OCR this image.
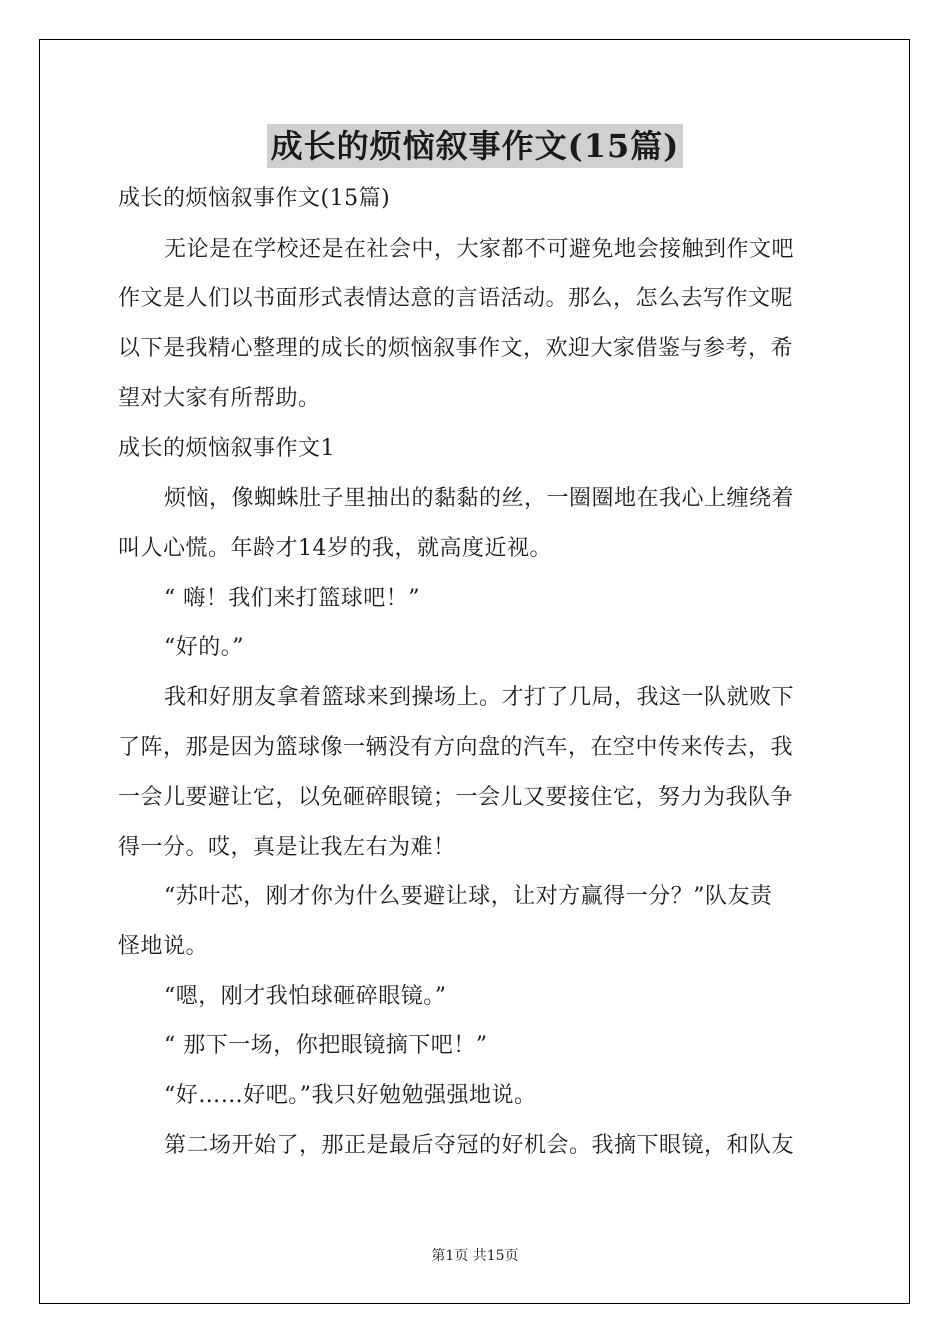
成长的烦恼叙事作文(15篇)
成长的烦恼叙事作文(15篇)
无论是在学校还是在社会中，大家都不可避免地会接触到作文吧
作文是人们以书面形式表情达意的言语活动。那么，怎么去写作文呢
以下是我精心整理的成长的烦恼叙事作文，欢迎大家借鉴与参考，希
望对大家有所帮助。
成长的烦恼叙事作文1
烦恼，像蜘蛛肚子里抽出的黏黏的丝，一圈圈地在我心上缠绕着
叫人心慌。年龄才14岁的我，就高度近视。
“ 嗨！我们来打篮球吧！”
“好的。”
我和好朋友拿着篮球来到操场上。才打了几局，我这一队就败下
了阵，那是因为篮球像一辆没有方向盘的汽车，在空中传来传去，我
一会儿要避让它，以免砸碎眼镜；一会儿又要接住它，努力为我队争
得一分。哎，真是让我左右为难！
“苏叶芯，刚才你为什么要避让球，让对方赢得一分？”队友责
怪地说。
“嗯，刚才我怕球砸碎眼镜。”
“ 那下一场，你把眼镜摘下吧！”
“好……好吧。”我只好勉勉强强地说。
第二场开始了，那正是最后夺冠的好机会。我摘下眼镜，和队友
第1页 共15页
